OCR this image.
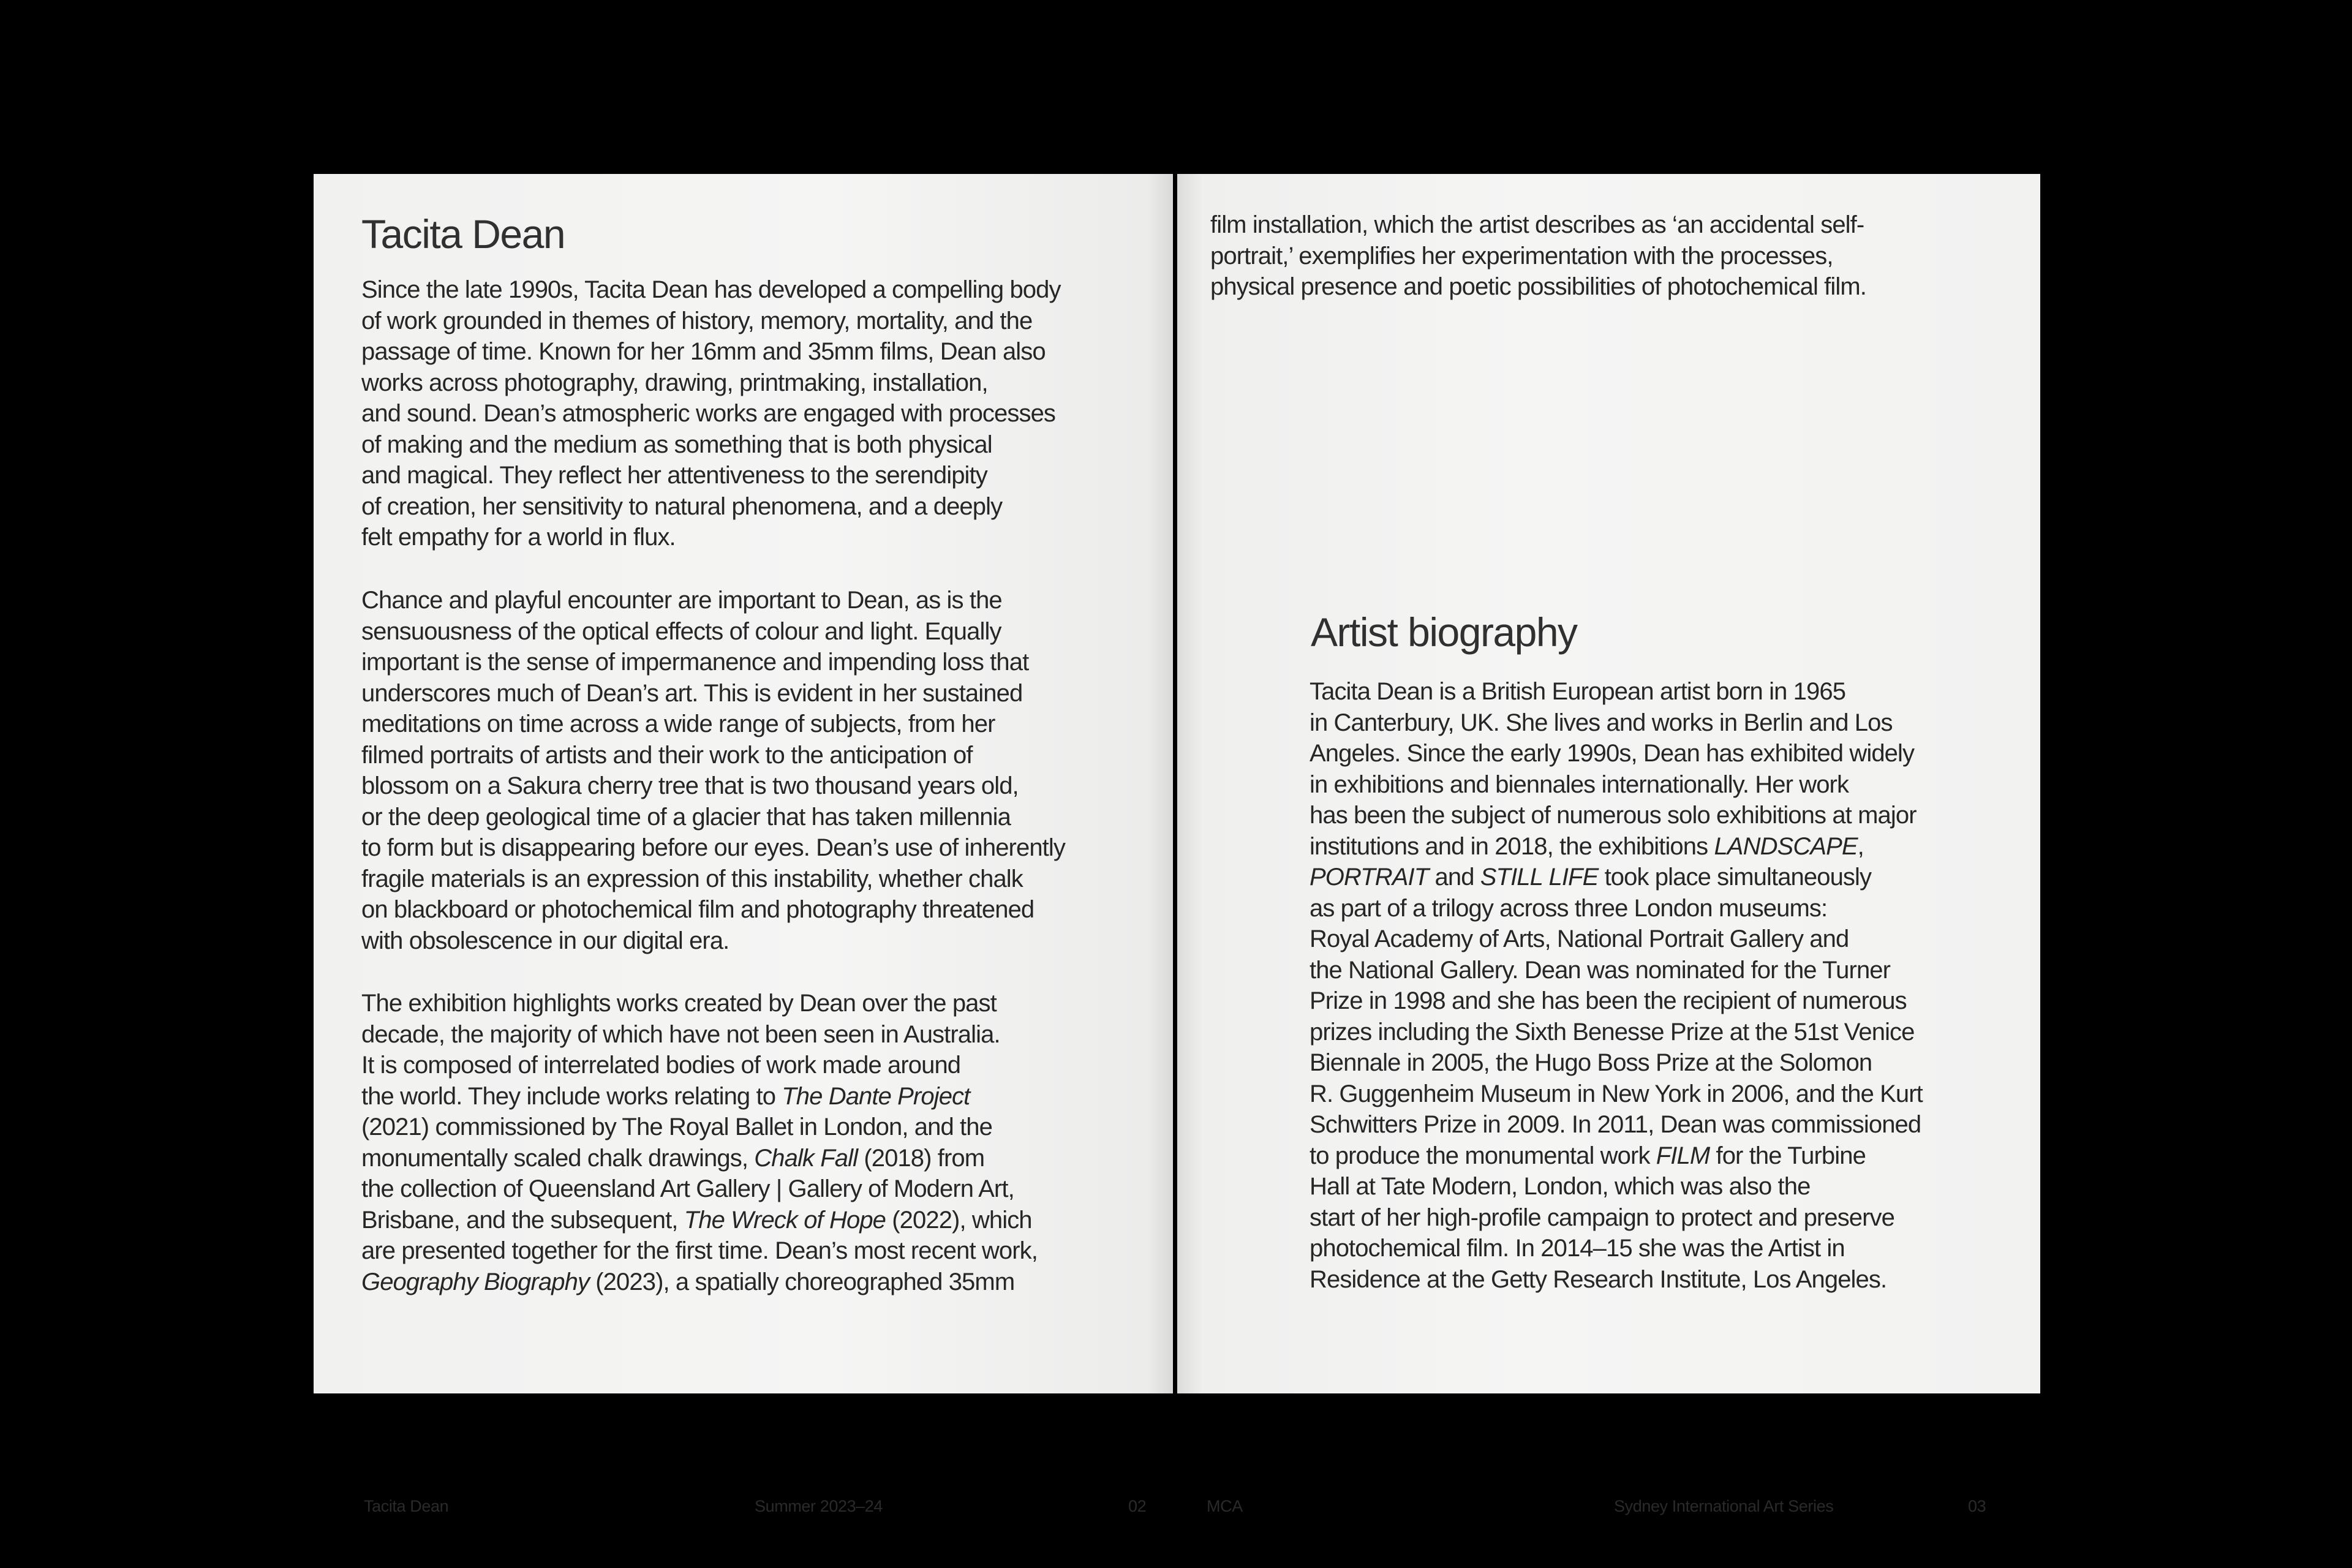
Tacita Dean
Since the late 1990s, Tacita Dean has developed a compelling body
of work grounded in themes of history, memory, mortality, and the
passage of time. Known for her 16mm and 35mm films, Dean also
works across photography, drawing, printmaking, installation,
and sound. Dean’s atmospheric works are engaged with processes
of making and the medium as something that is both physical
and magical. They reflect her attentiveness to the serendipity
of creation, her sensitivity to natural phenomena, and a deeply
felt empathy for a world in flux.
Chance and playful encounter are important to Dean, as is the
sensuousness of the optical effects of colour and light. Equally
important is the sense of impermanence and impending loss that
underscores much of Dean’s art. This is evident in her sustained
meditations on time across a wide range of subjects, from her
filmed portraits of artists and their work to the anticipation of
blossom on a Sakura cherry tree that is two thousand years old,
or the deep geological time of a glacier that has taken millennia
to form but is disappearing before our eyes. Dean’s use of inherently
fragile materials is an expression of this instability, whether chalk
on blackboard or photochemical film and photography threatened
with obsolescence in our digital era.
The exhibition highlights works created by Dean over the past
decade, the majority of which have not been seen in Australia.
It is composed of interrelated bodies of work made around
the world. They include works relating to The Dante Project
(2021) commissioned by The Royal Ballet in London, and the
monumentally scaled chalk drawings, Chalk Fall (2018) from
the collection of Queensland Art Gallery | Gallery of Modern Art,
Brisbane, and the subsequent, The Wreck of Hope (2022), which
are presented together for the first time. Dean’s most recent work,
Geography Biography (2023), a spatially choreographed 35mm
Tacita Dean	Summer 2023–24	02
film installation, which the artist describes as ‘an accidental self-
portrait,’ exemplifies her experimentation with the processes,
physical presence and poetic possibilities of photochemical film.
Artist biography
Tacita Dean is a British European artist born in 1965
in Canterbury, UK. She lives and works in Berlin and Los
Angeles. Since the early 1990s, Dean has exhibited widely
in exhibitions and biennales internationally. Her work
has been the subject of numerous solo exhibitions at major
institutions and in 2018, the exhibitions LANDSCAPE,
PORTRAIT and STILL LIFE took place simultaneously
as part of a trilogy across three London museums:
Royal Academy of Arts, National Portrait Gallery and
the National Gallery. Dean was nominated for the Turner
Prize in 1998 and she has been the recipient of numerous
prizes including the Sixth Benesse Prize at the 51st Venice
Biennale in 2005, the Hugo Boss Prize at the Solomon
R. Guggenheim Museum in New York in 2006, and the Kurt
Schwitters Prize in 2009. In 2011, Dean was commissioned
to produce the monumental work FILM for the Turbine
Hall at Tate Modern, London, which was also the
start of her high-profile campaign to protect and preserve
photochemical film. In 2014–15 she was the Artist in
Residence at the Getty Research Institute, Los Angeles.
MCA	Sydney International Art Series	03
